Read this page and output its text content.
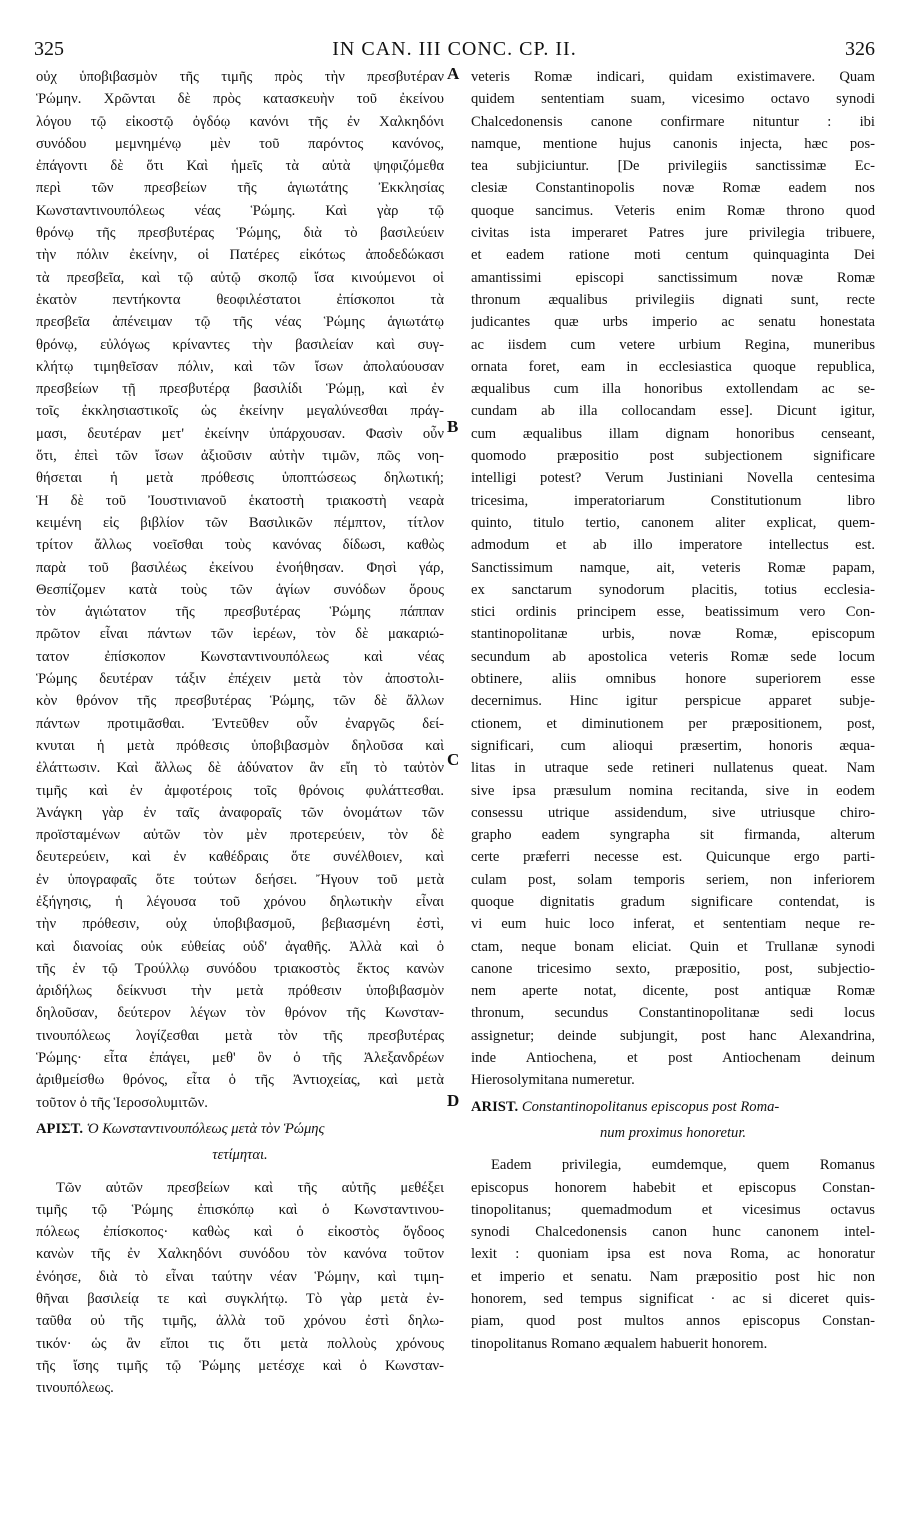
325	IN CAN. III CONC. CP. II.	326
οὐχ ὑποβιβασμὸν τῆς τιμῆς πρὸς τὴν πρεσβυτέραν
Ῥώμην. Χρῶνται δὲ πρὸς κατασκευὴν τοῦ ἐκείνου
λόγου τῷ εἰκοστῷ ὀγδόῳ κανόνι τῆς ἐν Χαλκηδόνι
συνόδου μεμνημένῳ μὲν τοῦ παρόντος κανόνος,
ἐπάγοντι δὲ ὅτι Καὶ ἡμεῖς τὰ αὐτὰ ψηφιζόμεθα
περὶ τῶν πρεσβείων τῆς ἁγιωτάτης Ἐκκλησίας
Κωνσταντινουπόλεως νέας Ῥώμης. Καὶ γὰρ τῷ
θρόνῳ τῆς πρεσβυτέρας Ῥώμης, διὰ τὸ βασιλεύειν
τὴν πόλιν ἐκείνην, οἱ Πατέρες εἰκότως ἀποδεδώκασι
τὰ πρεσβεῖα, καὶ τῷ αὐτῷ σκοπῷ ἴσα κινούμενοι οἱ
ἑκατὸν πεντήκοντα θεοφιλέστατοι ἐπίσκοποι τὰ
πρεσβεῖα ἀπένειμαν τῷ τῆς νέας Ῥώμης ἁγιωτάτῳ
θρόνῳ, εὐλόγως κρίναντες τὴν βασιλείαν καὶ συγ-
κλήτῳ τιμηθεῖσαν πόλιν, καὶ τῶν ἴσων ἀπολαύουσαν
πρεσβείων τῇ πρεσβυτέρᾳ βασιλίδι Ῥώμῃ, καὶ ἐν
τοῖς ἐκκλησιαστικοῖς ὡς ἐκείνην μεγαλύνεσθαι πράγ-
μασι, δευτέραν μετ' ἐκείνην ὑπάρχουσαν. Φασὶν οὖν
ὅτι, ἐπεὶ τῶν ἴσων ἀξιοῦσιν αὐτὴν τιμῶν, πῶς νοη-
θήσεται ἡ μετὰ πρόθεσις ὑποπτώσεως δηλωτική;
Ἡ δὲ τοῦ Ἰουστινιανοῦ ἑκατοστὴ τριακοστὴ νεαρὰ
κειμένη εἰς βιβλίον τῶν Βασιλικῶν πέμπτον, τίτλον
τρίτον ἄλλως νοεῖσθαι τοὺς κανόνας δίδωσι, καθὼς
παρὰ τοῦ βασιλέως ἐκείνου ἐνοήθησαν. Φησὶ γάρ,
Θεσπίζομεν κατὰ τοὺς τῶν ἁγίων συνόδων ὅρους
τὸν ἁγιώτατον τῆς πρεσβυτέρας Ῥώμης πάππαν
πρῶτον εἶναι πάντων τῶν ἱερέων, τὸν δὲ μακαριώ-
τατον ἐπίσκοπον Κωνσταντινουπόλεως καὶ νέας
Ῥώμης δευτέραν τάξιν ἐπέχειν μετὰ τὸν ἀποστολι-
κὸν θρόνον τῆς πρεσβυτέρας Ῥώμης, τῶν δὲ ἄλλων
πάντων προτιμᾶσθαι. Ἐντεῦθεν οὖν ἐναργῶς δεί-
κνυται ἡ μετὰ πρόθεσις ὑποβιβασμὸν δηλοῦσα καὶ
ἐλάττωσιν. Καὶ ἄλλως δὲ ἀδύνατον ἂν εἴη τὸ ταὐτὸν
τιμῆς καὶ ἐν ἀμφοτέροις τοῖς θρόνοις φυλάττεσθαι.
Ἀνάγκη γὰρ ἐν ταῖς ἀναφοραῖς τῶν ὀνομάτων τῶν
προϊσταμένων αὐτῶν τὸν μὲν προτερεύειν, τὸν δὲ
δευτερεύειν, καὶ ἐν καθέδραις ὅτε συνέλθοιεν, καὶ
ἐν ὑπογραφαῖς ὅτε τούτων δεήσει. Ἤγουν τοῦ μετὰ
ἐξήγησις, ἡ λέγουσα τοῦ χρόνου δηλωτικὴν εἶναι
τὴν πρόθεσιν, οὐχ ὑποβιβασμοῦ, βεβιασμένη ἐστὶ,
καὶ διανοίας οὐκ εὐθείας οὐδ' ἀγαθῆς. Ἀλλὰ καὶ ὁ
τῆς ἐν τῷ Τρούλλῳ συνόδου τριακοστὸς ἕκτος κανὼν
ἀριδήλως δείκνυσι τὴν μετὰ πρόθεσιν ὑποβιβασμὸν
δηλοῦσαν, δεύτερον λέγων τὸν θρόνον τῆς Κωνσταν-
τινουπόλεως λογίζεσθαι μετὰ τὸν τῆς πρεσβυτέρας
Ῥώμης· εἶτα ἐπάγει, μεθ' ὃν ὁ τῆς Ἀλεξανδρέων
ἀριθμείσθω θρόνος, εἶτα ὁ τῆς Ἀντιοχείας, καὶ μετὰ
τοῦτον ὁ τῆς Ἱεροσολυμιτῶν.
ΑΡΙΣΤ. Ὁ Κωνσταντινουπόλεως μετὰ τὸν Ῥώμης
τετίμηται.
Τῶν αὐτῶν πρεσβείων καὶ τῆς αὐτῆς μεθέξει
τιμῆς τῷ Ῥώμης ἐπισκόπῳ καὶ ὁ Κωνσταντινου-
πόλεως ἐπίσκοπος· καθὼς καὶ ὁ εἰκοστὸς ὄγδοος
κανὼν τῆς ἐν Χαλκηδόνι συνόδου τὸν κανόνα τοῦτον
ἐνόησε, διὰ τὸ εἶναι ταύτην νέαν Ῥώμην, καὶ τιμη-
θῆναι βασιλείᾳ τε καὶ συγκλήτῳ. Τὸ γὰρ μετὰ ἐν-
ταῦθα οὐ τῆς τιμῆς, ἀλλὰ τοῦ χρόνου ἐστὶ δηλω-
τικόν· ὡς ἂν εἴποι τις ὅτι μετὰ πολλοὺς χρόνους
τῆς ἴσης τιμῆς τῷ Ῥώμης μετέσχε καὶ ὁ Κωνσταν-
τινουπόλεως.
veteris Romæ indicari, quidam existimavere. Quam
quidem sententiam suam, vicesimo octavo synodi
Chalcedonensis canone confirmare nituntur : ibi
namque, mentione hujus canonis injecta, hæc pos-
tea subjiciuntur. [De privilegiis sanctissimæ Ec-
clesiæ Constantinopolis novæ Romæ eadem nos
quoque sancimus. Veteris enim Romæ throno quod
civitas ista imperaret Patres jure privilegia tribuere,
et eadem ratione moti centum quinquaginta Dei
amantissimi episcopi sanctissimum novæ Romæ
thronum æqualibus privilegiis dignati sunt, recte
judicantes quæ urbs imperio ac senatu honestata
ac iisdem cum vetere urbium Regina, muneribus
ornata foret, eam in ecclesiastica quoque republica,
æqualibus cum illa honoribus extollendam ac se-
cundam ab illa collocandam esse]. Dicunt igitur,
cum æqualibus illam dignam honoribus censeant,
quomodo præpositio post subjectionem significare
intelligi potest? Verum Justiniani Novella centesima
tricesima, imperatoriarum Constitutionum libro
quinto, titulo tertio, canonem aliter explicat, quem-
admodum et ab illo imperatore intellectus est.
Sanctissimum namque, ait, veteris Romæ papam,
ex sanctarum synodorum placitis, totius ecclesia-
stici ordinis principem esse, beatissimum vero Con-
stantinopolitanæ urbis, novæ Romæ, episcopum
secundum ab apostolica veteris Romæ sede locum
obtinere, aliis omnibus honore superiorem esse
decernimus. Hinc igitur perspicue apparet subje-
ctionem, et diminutionem per præpositionem, post,
significari, cum alioqui præsertim, honoris æqua-
litas in utraque sede retineri nullatenus queat. Nam
sive ipsa præsulum nomina recitanda, sive in eodem
consessu utrique assidendum, sive utriusque chiro-
grapho eadem syngrapha sit firmanda, alterum
certe præferri necesse est. Quicunque ergo parti-
culam post, solam temporis seriem, non inferiorem
quoque dignitatis gradum significare contendat, is
vi eum huic loco inferat, et sententiam neque re-
ctam, neque bonam eliciat. Quin et Trullanæ synodi
canone tricesimo sexto, præpositio, post, subjectio-
nem aperte notat, dicente, post antiquæ Romæ
thronum, secundus Constantinopolitanæ sedi locus
assignetur; deinde subjungit, post hanc Alexandrina,
inde Antiochena, et post Antiochenam deinum
Hierosolymitana numeretur.
ARIST. Constantinopolitanus episcopus post Roma-
num proximus honoretur.
Eadem privilegia, eumdemque, quem Romanus
episcopus honorem habebit et episcopus Constan-
tinopolitanus; quemadmodum et vicesimus octavus
synodi Chalcedonensis canon hunc canonem intel-
lexit : quoniam ipsa est nova Roma, ac honoratur
et imperio et senatu. Nam præpositio post hic non
honorem, sed tempus significat · ac si diceret quis-
piam, quod post multos annos episcopus Constan-
tinopolitanus Romano æqualem habuerit honorem.
A
B
C
D
